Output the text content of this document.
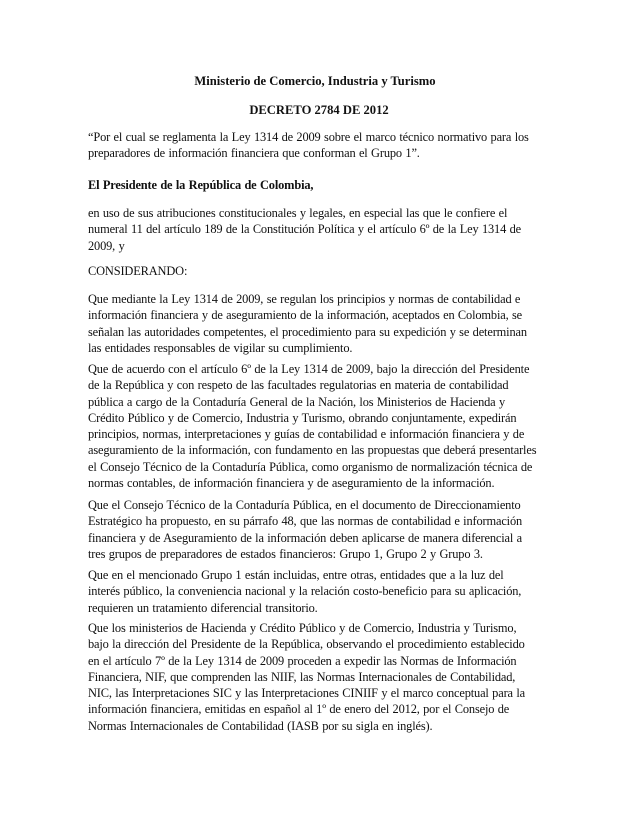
Ministerio de Comercio, Industria y Turismo
DECRETO 2784 DE 2012
“Por el cual se reglamenta la Ley 1314 de 2009 sobre el marco técnico normativo para los
preparadores de información financiera que conforman el Grupo 1”.
El Presidente de la República de Colombia,
en uso de sus atribuciones constitucionales y legales, en especial las que le confiere el
numeral 11 del artículo 189 de la Constitución Política y el artículo 6º de la Ley 1314 de
2009, y
CONSIDERANDO:
Que mediante la Ley 1314 de 2009, se regulan los principios y normas de contabilidad e
información financiera y de aseguramiento de la información, aceptados en Colombia, se
señalan las autoridades competentes, el procedimiento para su expedición y se determinan
las entidades responsables de vigilar su cumplimiento.
Que de acuerdo con el artículo 6º de la Ley 1314 de 2009, bajo la dirección del Presidente
de la República y con respeto de las facultades regulatorias en materia de contabilidad
pública a cargo de la Contaduría General de la Nación, los Ministerios de Hacienda y
Crédito Público y de Comercio, Industria y Turismo, obrando conjuntamente, expedirán
principios, normas, interpretaciones y guías de contabilidad e información financiera y de
aseguramiento de la información, con fundamento en las propuestas que deberá presentarles
el Consejo Técnico de la Contaduría Pública, como organismo de normalización técnica de
normas contables, de información financiera y de aseguramiento de la información.
Que el Consejo Técnico de la Contaduría Pública, en el documento de Direccionamiento
Estratégico ha propuesto, en su párrafo 48, que las normas de contabilidad e información
financiera y de Aseguramiento de la información deben aplicarse de manera diferencial a
tres grupos de preparadores de estados financieros: Grupo 1, Grupo 2 y Grupo 3.
Que en el mencionado Grupo 1 están incluidas, entre otras, entidades que a la luz del
interés público, la conveniencia nacional y la relación costo-beneficio para su aplicación,
requieren un tratamiento diferencial transitorio.
Que los ministerios de Hacienda y Crédito Público y de Comercio, Industria y Turismo,
bajo la dirección del Presidente de la República, observando el procedimiento establecido
en el artículo 7º de la Ley 1314 de 2009 proceden a expedir las Normas de Información
Financiera, NIF, que comprenden las NIIF, las Normas Internacionales de Contabilidad,
NIC, las Interpretaciones SIC y las Interpretaciones CINIIF y el marco conceptual para la
información financiera, emitidas en español al 1º de enero del 2012, por el Consejo de
Normas Internacionales de Contabilidad (IASB por su sigla en inglés).
